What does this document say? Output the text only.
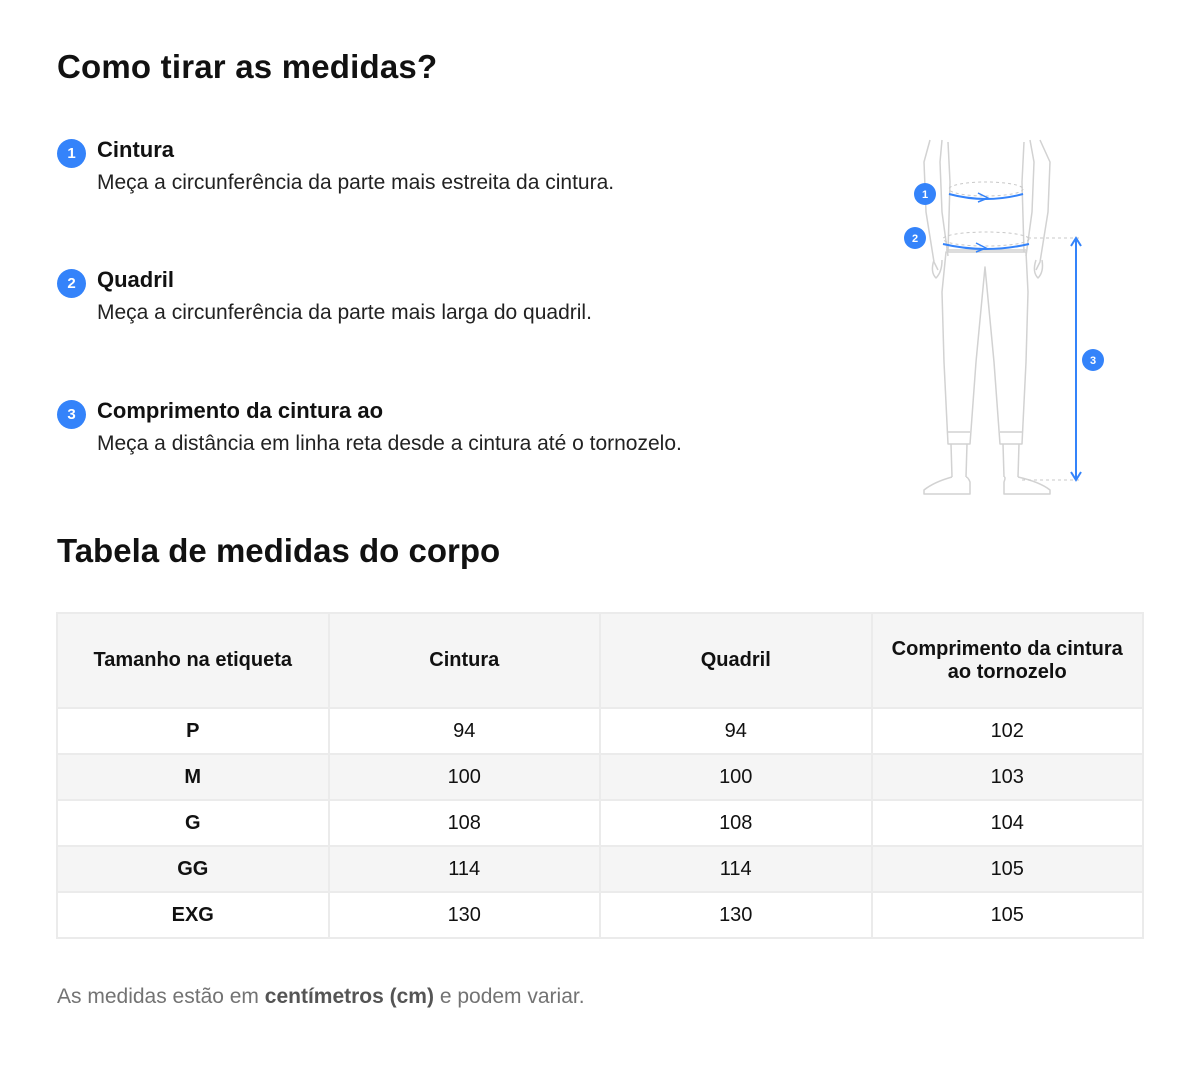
Como tirar as medidas?
1 Cintura
Meça a circunferência da parte mais estreita da cintura.
2 Quadril
Meça a circunferência da parte mais larga do quadril.
3 Comprimento da cintura ao
Meça a distância em linha reta desde a cintura até o tornozelo.
1
2
3
Tabela de medidas do corpo
Tamanho na etiqueta	Cintura	Quadril	Comprimento da cintura ao tornozelo
P	94	94	102
M	100	100	103
G	108	108	104
GG	114	114	105
EXG	130	130	105
As medidas estão em centímetros (cm) e podem variar.
